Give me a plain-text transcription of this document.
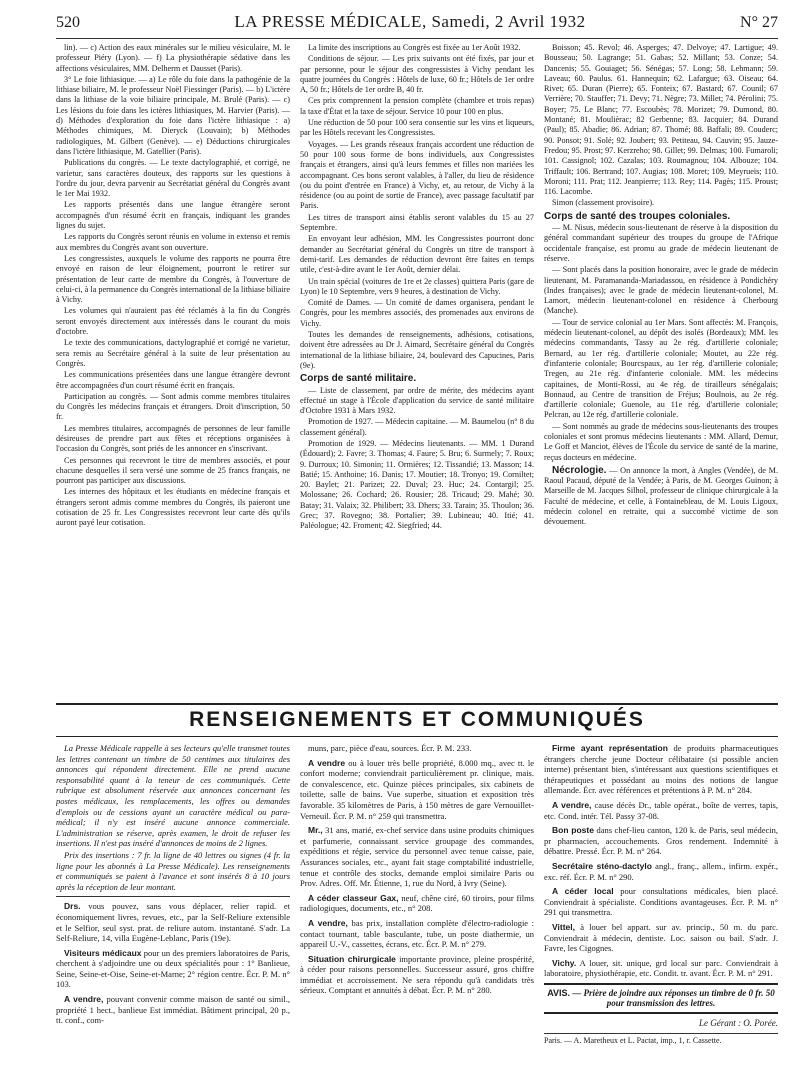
520	LA PRESSE MÉDICALE, Samedi, 2 Avril 1932	N° 27

lin). — c) Action des eaux minérales sur le milieu vésiculaire, M. le professeur Piéry (Lyon). — f) La physiothérapie sédative dans les affections vésiculaires, MM. Delherm et Dausset (Paris).

3° Le foie lithiasique. — a) Le rôle du foie dans la pathogénie de la lithiase biliaire, M. le professeur Noël Fiessinger (Paris). — b) L'ictère dans la lithiase de la voie biliaire principale, M. Brulé (Paris). — c) Les lésions du foie dans les ictères lithiasiques, M. Harvier (Paris). — d) Méthodes d'exploration du foie dans l'ictère lithiasique : a) Méthodes chimiques, M. Dieryck (Louvain); b) Méthodes radiologiques, M. Gilbert (Genève). — e) Déductions chirurgicales dans l'ictère lithiasique, M. Gatellier (Paris).

Publications du congrès. — Le texte dactylographié, et corrigé, ne varietur, sans caractères douteux, des rapports sur les questions à l'ordre du jour, devra parvenir au Secrétariat général du Congrès avant le 1er Mai 1932.

Les rapports présentés dans une langue étrangère seront accompagnés d'un résumé écrit en français, indiquant les grandes lignes du sujet.

Les rapports du Congrès seront réunis en volume in extenso et remis aux membres du Congrès avant son ouverture.

Les congressistes, auxquels le volume des rapports ne pourra être envoyé en raison de leur éloignement, pourront le retirer sur présentation de leur carte de membre du Congrès, à l'ouverture de celui-ci, à la permanence du Congrès international de la lithiase biliaire à Vichy.

Les volumes qui n'auraient pas été réclamés à la fin du Congrès seront envoyés directement aux intéressés dans le courant du mois d'octobre.

Le texte des communications, dactylographié et corrigé ne varietur, sera remis au Secrétaire général à la suite de leur présentation au Congrès.

Les communications présentées dans une langue étrangère devront être accompagnées d'un court résumé écrit en français.

Participation au congrès. — Sont admis comme membres titulaires du Congrès les médecins français et étrangers. Droit d'inscription, 50 fr.

Les membres titulaires, accompagnés de personnes de leur famille désireuses de prendre part aux fêtes et réceptions organisées à l'occasion du Congrès, sont priés de les annoncer en s'inscrivant.

Ces personnes qui recevront le titre de membres associés, et pour chacune desquelles il sera versé une somme de 25 francs français, ne pourront pas participer aux discussions.

Les internes des hôpitaux et les étudiants en médecine français et étrangers seront admis comme membres du Congrès, ils paieront une cotisation de 25 fr. Les Congressistes recevront leur carte dès qu'ils auront payé leur cotisation.

La limite des inscriptions au Congrès est fixée au 1er Août 1932.

Conditions de séjour. — Les prix suivants ont été fixés, par jour et par personne, pour le séjour des congressistes à Vichy pendant les quatre journées du Congrès : Hôtels de luxe, 60 fr.; Hôtels de 1er ordre A, 50 fr.; Hôtels de 1er ordre B, 40 fr.

Ces prix comprennent la pension complète (chambre et trois repas) la taxe d'État et la taxe de séjour. Service 10 pour 100 en plus.

Une réduction de 50 pour 100 sera consentie sur les vins et liqueurs, par les Hôtels recevant les Congressistes.

Voyages. — Les grands réseaux français accordent une réduction de 50 pour 100 sous forme de bons individuels, aux Congressistes français et étrangers, ainsi qu'à leurs femmes et filles non mariées les accompagnant. Ces bons seront valables, à l'aller, du lieu de résidence (ou du point d'entrée en France) à Vichy, et, au retour, de Vichy à la résidence (ou au point de sortie de France), avec passage facultatif par Paris.

Les titres de transport ainsi établis seront valables du 15 au 27 Septembre.

En envoyant leur adhésion, MM. les Congressistes pourront donc demander au Secrétariat général du Congrès un titre de transport à demi-tarif. Les demandes de réduction devront être faites en temps utile, c'est-à-dire avant le 1er Août, dernier délai.

Un train spécial (voitures de 1re et 2e classes) quittera Paris (gare de Lyon) le 10 Septembre, vers 9 heures, à destination de Vichy.

Comité de Dames. — Un comité de dames organisera, pendant le Congrès, pour les membres associés, des promenades aux environs de Vichy.

Toutes les demandes de renseignements, adhésions, cotisations, doivent être adressées au Dr J. Aimard, Secrétaire général du Congrès international de la lithiase biliaire, 24, boulevard des Capucines, Paris (9e).

Corps de santé militaire.

— Liste de classement, par ordre de mérite, des médecins ayant effectué un stage à l'École d'application du service de santé militaire d'Octobre 1931 à Mars 1932.

Promotion de 1927. — Médecin capitaine. — M. Baumelou (n° 8 du classement général).

Promotion de 1929. — Médecins lieutenants. — MM. 1 Durand (Édouard); 2. Favre; 3. Thomas; 4. Faure; 5. Bru; 6. Surmely; 7. Roux; 9. Durroux; 10. Simonin; 11. Ormières; 12. Tissandié; 13. Masson; 14. Batié; 15. Anthoine; 16. Danis; 17. Moutier; 18. Tronyo; 19. Corniltet; 20. Baylet; 21. Parizet; 22. Duval; 23. Huc; 24. Contargil; 25. Molossane; 26. Cochard; 26. Rousier; 28. Tricaud; 29. Mahé; 30. Batay; 31. Valaix; 32. Philibert; 33. Dhers; 33. Tarain; 35. Thoulon; 36. Grec; 37. Rovegno; 38. Portalier; 39. Lubineau; 40. Itié; 41. Paléologue; 42. Froment; 42. Siegfried; 44.

Boisson; 45. Revol; 46. Asperges; 47. Delvoye; 47. Lartigue; 49. Bousseau; 50. Lagrange; 51. Gabas; 52. Millant; 53. Conze; 54. Dancenis; 55. Gouiaget; 56. Sénégas; 57. Long; 58. Lehmann; 59. Laveau; 60. Paulus. 61. Hannequin; 62. Lafargue; 63. Oiseau; 64. Rivet; 65. Duran (Pierre); 65. Fonteix; 67. Bastard; 67. Counil; 67 Verrière; 70. Stauffer; 71. Devy; 71. Nègre; 73. Millet; 74. Pérolini; 75. Boyer; 75. Le Blanc; 77. Escoubès; 78. Morizet; 79. Dumond, 80. Montané; 81. Moulièrac; 82 Gerbenne; 83. Jacquier; 84. Durand (Paul); 85. Abadie; 86. Adrian; 87. Thomé; 88. Baffali; 89. Couderc; 90. Ponsot; 91. Solé; 92. Joubert; 93. Petiteau, 94. Cauvin; 95. Jauze-Fredou; 95. Prost; 97. Kerzreho; 98. Gillet; 99. Delmas; 100. Fumaroli; 101. Cassignol; 102. Cazalas; 103. Roumagnou; 104. Albouze; 104. Triffault; 106. Bertrand; 107. Augias; 108. Moret; 109. Meyrueis; 110. Moroni; 111. Prat; 112. Jeanpierre; 113. Rey; 114. Pagès; 115. Proust; 116. Lacombe.

Simon (classement provisoire).

Corps de santé des troupes coloniales.

— M. Nisus, médecin sous-lieutenant de réserve à la disposition du général commandant supérieur des troupes du groupe de l'Afrique occidentale française, est promu au grade de médecin lieutenant de réserve.

— Sont placés dans la position honoraire, avec le grade de médecin lieutenant, M. Paramananda-Mariadassou, en résidence à Pondichéry (Indes françaises); avec le grade de médecin lieutenant-colonel, M. Lamort, médecin lieutenant-colonel en résidence à Cherbourg (Manche).

— Tour de service colonial au 1er Mars. Sont affectés: M. François, médecin lieutenant-colonel, au dépôt des isolés (Bordeaux); MM. les médecins commandants, Tassy au 2e rég. d'artillerie coloniale; Bernard, au 1er rég. d'artillerie coloniale; Moutet, au 22e rég. d'infanterie coloniale; Bourcspaux, au 1er rég. d'artillerie coloniale; Tregen, au 21e rég. d'infanterie coloniale. MM. les médecins capitaines, de Monti-Rossi, au 4e rég. de tirailleurs sénégalais; Bonnaud, au Centre de transition de Fréjus; Boulnois, au 2e rég. d'artillerie coloniale; Guenole, au 11e rég. d'artillerie coloniale; Pelcran, au 12e rég. d'artillerie coloniale.

— Sont nommés au grade de médecins sous-lieutenants des troupes coloniales et sont promus médecins lieutenants : MM. Allard, Demur, Le Goff et Manciot, élèves de l'École du service de santé de la marine, reçus docteurs en médecine.

Nécrologie. — On annonce la mort, à Angles (Vendée), de M. Raoul Pacaud, député de la Vendée; à Paris, de M. Georges Guinon; à Marseille de M. Jacques Silhol, professeur de clinique chirurgicale à la Faculté de médecine, et celle, à Fontainebleau, de M. Louis Ligoux, médecin colonel en retraite, qui a succombé victime de son dévouement.

RENSEIGNEMENTS ET COMMUNIQUÉS

La Presse Médicale rappelle à ses lecteurs qu'elle transmet toutes les lettres contenant un timbre de 50 centimes aux titulaires des annonces qui répondent directement. Elle ne prend aucune responsabilité quant à la teneur de ces communiqués. Cette rubrique est absolument réservée aux annonces concernant les postes médicaux, les remplacements, les offres ou demandes d'emplois ou de cessions ayant un caractère médical ou para-médical; il n'y est inséré aucune annonce commerciale. L'administration se réserve, après examen, le droit de refuser les insertions. Il n'est pas inséré d'annonces de moins de 2 lignes.

Prix des insertions : 7 fr. la ligne de 40 lettres ou signes (4 fr. la ligne pour les abonnés à La Presse Médicale). Les renseignements et communiqués se paient à l'avance et sont insérés 8 à 10 jours après la réception de leur montant.

Drs. vous pouvez, sans vous déplacer, relier rapid. et économiquement livres, revues, etc., par la Self-Reliure extensible et le Selfior, seul syst. prat. de reliure autom. instantané. S'adr. La Self-Reliure, 14, villa Eugène-Leblanc, Paris (19e).

Visiteurs médicaux pour un des premiers laboratoires de Paris, cherchent à s'adjoindre une ou deux spécialités pour : 1° Banlieue, Seine, Seine-et-Oise, Seine-et-Marne; 2° région centre. Écr. P. M. n° 103.

A vendre, pouvant convenir comme maison de santé ou simil., propriété 1 hect., banlieue Est immédiat. Bâtiment principal, 20 p., tt. conf., com-

muns, parc, pièce d'eau, sources. Écr. P. M. 233.

A vendre ou à louer très belle propriété, 8.000 mq., avec tt. le confort moderne; conviendrait particulièrement pr. clinique, mais. de convalescence, etc. Quinze pièces principales, six cabinets de toilette, salle de bains. Vue superbe, situation et exposition très favorable. 35 kilomètres de Paris, à 150 mètres de gare Vernouillet-Verneuil. Écr. P. M. n° 259 qui transmettra.

Mr., 31 ans, marié, ex-chef service dans usine produits chimiques et parfumerie, connaissant service groupage des commandes, expéditions et régie, service du personnel avec tenue caisse, paie, Assurances sociales, etc., ayant fait stage comptabilité industrielle, tenue et contrôle des stocks, demande emploi similaire Paris ou Prov. Adres. Off. Mr. Étienne, 1, rue du Nord, à Ivry (Seine).

A céder classeur Gax, neuf, chêne ciré, 60 tiroirs, pour films radiologiques, documents, etc., n° 208.

A vendre, bas prix, installation complète d'électro-radiologie : contact tournant, table basculante, tube, un poste diathermie, un appareil U.-V., cassettes, écrans, etc. Écr. P. M. n° 279.

Situation chirurgicale importante province, pleine prospérité, à céder pour raisons personnelles. Successeur assuré, gros chiffre immédiat et accroissement. Ne sera répondu qu'à candidats très sérieux. Comptant et annuités à débat. Écr. P. M. n° 280.

Firme ayant représentation de produits pharmaceutiques étrangers cherche jeune Docteur célibataire (si possible ancien interne) présentant bien, s'intéressant aux questions scientifiques et thérapeutiques et possédant au moins des notions de langue allemande. Écr. avec références et prétentions à P. M. n° 284.

A vendre, cause décès Dr., table opérat., boîte de verres, tapis, etc. Cond. intér. Tél. Passy 37-08.

Bon poste dans chef-lieu canton, 120 k. de Paris, seul médecin, pr pharmacien, accouchements. Gros rendement. Indemnité à débattre. Pressé. Écr. P. M. n° 264.

Secrétaire sténo-dactylo angl., franç., allem., infirm. expér., exc. réf. Écr. P. M. n° 290.

A céder local pour consultations médicales, bien placé. Conviendrait à spécialiste. Conditions avantageuses. Écr. P. M. n° 291 qui transmettra.

Vittel, à louer bel appart. sur av. princip., 50 m. du parc. Conviendrait à médecin, dentiste. Loc. saison ou bail. S'adr. J. Favre, les Cigognes.

Vichy. A louer, sit. unique, grd local sur parc. Conviendrait à laboratoire, physiothérapie, etc. Condit. tr. avant. Écr. P. M. n° 291.

AVIS. — Prière de joindre aux réponses un timbre de 0 fr. 50 pour transmission des lettres.
Le Gérant : O. Porée.
Paris. — A. Maretheux et L. Pactat, imp., 1, r. Cassette.
